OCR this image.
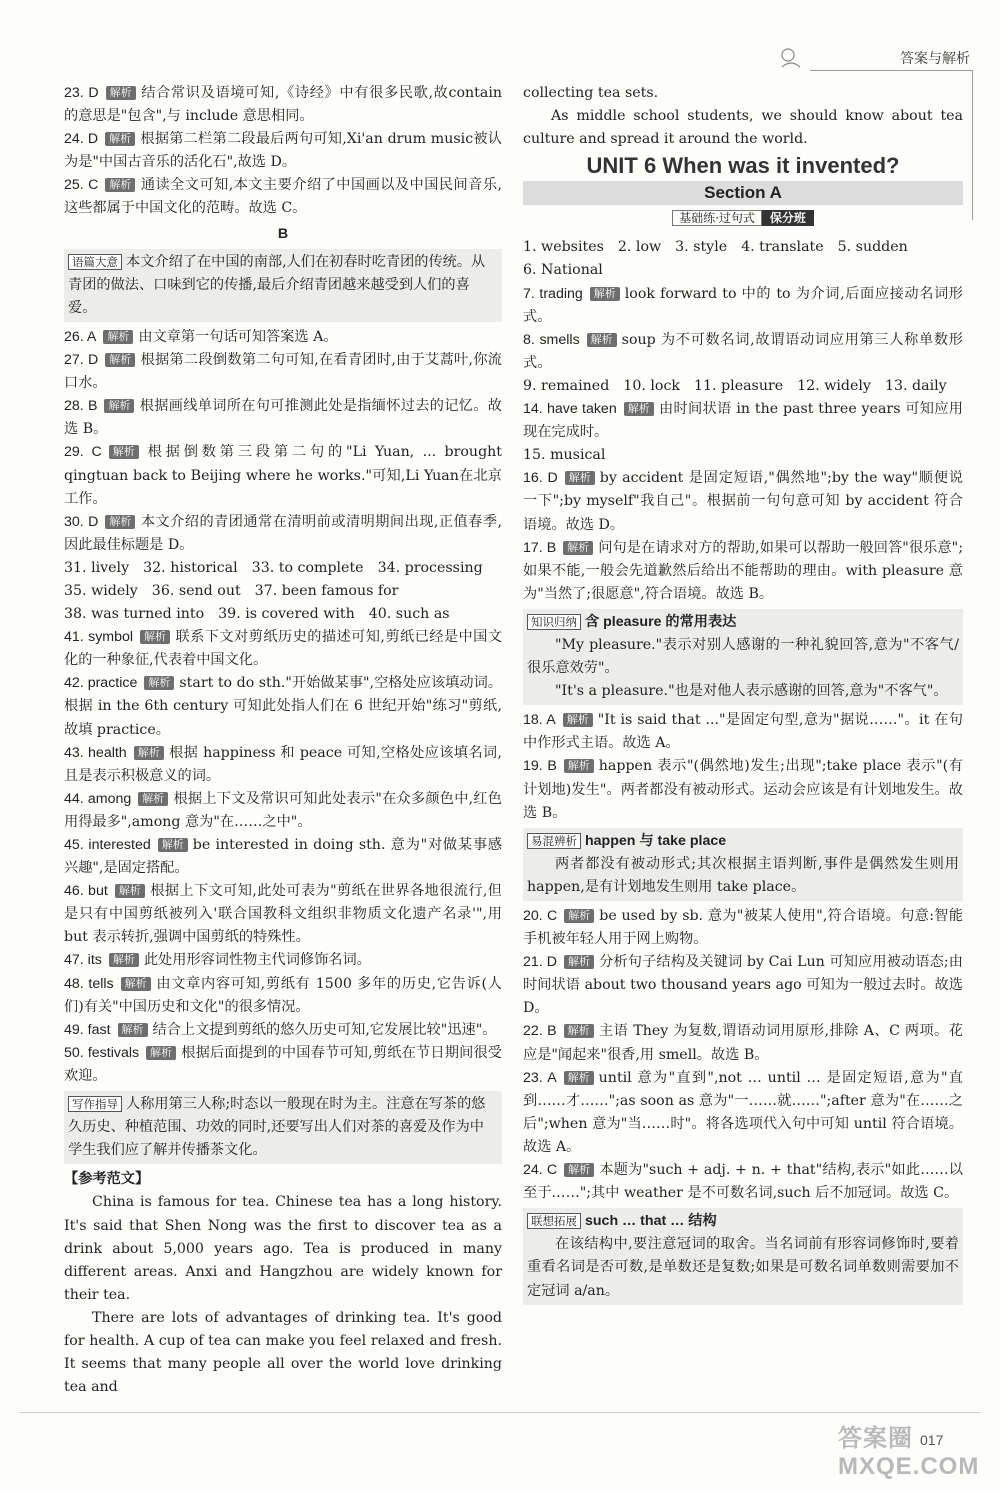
答案与解析

23. D 解析 结合常识及语境可知,《诗经》中有很多民歌,故contain 的意思是"包含",与 include 意思相同。

24. D 解析 根据第二栏第二段最后两句可知,Xi'an drum music被认为是"中国古音乐的活化石",故选 D。

25. C 解析 通读全文可知,本文主要介绍了中国画以及中国民间音乐,这些都属于中国文化的范畴。故选 C。

B
语篇大意 本文介绍了在中国的南部,人们在初春时吃青团的传统。从青团的做法、口味到它的传播,最后介绍青团越来越受到人们的喜爱。

26. A 解析 由文章第一句话可知答案选 A。

27. D 解析 根据第二段倒数第二句可知,在看青团时,由于艾蒿叶,你流口水。

28. B 解析 根据画线单词所在句可推测此处是指缅怀过去的记忆。故选 B。

29. C 解析 根据倒数第三段第二句的"Li Yuan, ... brought qingtuan back to Beijing where he works."可知,Li Yuan在北京工作。

30. D 解析 本文介绍的青团通常在清明前或清明期间出现,正值春季,因此最佳标题是 D。

31. lively 32. historical 33. to complete 34. processing
35. widely 36. send out 37. been famous for
38. was turned into 39. is covered with 40. such as

41. symbol 解析 联系下文对剪纸历史的描述可知,剪纸已经是中国文化的一种象征,代表着中国文化。

42. practice 解析 start to do sth."开始做某事",空格处应该填动词。根据 in the 6th century 可知此处指人们在 6 世纪开始"练习"剪纸,故填 practice。

43. health 解析 根据 happiness 和 peace 可知,空格处应该填名词,且是表示积极意义的词。

44. among 解析 根据上下文及常识可知此处表示"在众多颜色中,红色用得最多",among 意为"在……之中"。

45. interested 解析 be interested in doing sth. 意为"对做某事感兴趣",是固定搭配。

46. but 解析 根据上下文可知,此处可表为"剪纸在世界各地很流行,但是只有中国剪纸被列入'联合国教科文组织非物质文化遗产名录'",用 but 表示转折,强调中国剪纸的特殊性。

47. its 解析 此处用形容词性物主代词修饰名词。

48. tells 解析 由文章内容可知,剪纸有 1500 多年的历史,它告诉(人们)有关"中国历史和文化"的很多情况。

49. fast 解析 结合上文提到剪纸的悠久历史可知,它发展比较"迅速"。

50. festivals 解析 根据后面提到的中国春节可知,剪纸在节日期间很受欢迎。

写作指导 人称用第三人称;时态以一般现在时为主。注意在写茶的悠久历史、种植范围、功效的同时,还要写出人们对茶的喜爱及作为中学生我们应了解并传播茶文化。
【参考范文】

China is famous for tea. Chinese tea has a long history. It's said that Shen Nong was the first to discover tea as a drink about 5,000 years ago. Tea is produced in many different areas. Anxi and Hangzhou are widely known for their tea.

There are lots of advantages of drinking tea. It's good for health. A cup of tea can make you feel relaxed and fresh. It seems that many people all over the world love drinking tea and

collecting tea sets.

As middle school students, we should know about tea culture and spread it around the world.

UNIT 6 When was it invented?
Section A
基础练·过句式 保分班
1. websites 2. low 3. style 4. translate 5. sudden
6. National

7. trading 解析 look forward to 中的 to 为介词,后面应接动名词形式。

8. smells 解析 soup 为不可数名词,故谓语动词应用第三人称单数形式。

9. remained 10. lock 11. pleasure 12. widely 13. daily

14. have taken 解析 由时间状语 in the past three years 可知应用现在完成时。

15. musical

16. D 解析 by accident 是固定短语,"偶然地";by the way"顺便说一下";by myself"我自己"。根据前一句句意可知 by accident 符合语境。故选 D。

17. B 解析 问句是在请求对方的帮助,如果可以帮助一般回答"很乐意";如果不能,一般会先道歉然后给出不能帮助的理由。with pleasure 意为"当然了;很愿意",符合语境。故选 B。

知识归纳 含 pleasure 的常用表达

"My pleasure."表示对别人感谢的一种礼貌回答,意为"不客气/很乐意效劳"。

"It's a pleasure."也是对他人表示感谢的回答,意为"不客气"。

18. A 解析 "It is said that ..."是固定句型,意为"据说……"。it 在句中作形式主语。故选 A。

19. B 解析 happen 表示"(偶然地)发生;出现";take place 表示"(有计划地)发生"。两者都没有被动形式。运动会应该是有计划地发生。故选 B。

易混辨析 happen 与 take place

两者都没有被动形式;其次根据主语判断,事件是偶然发生则用 happen,是有计划地发生则用 take place。

20. C 解析 be used by sb. 意为"被某人使用",符合语境。句意:智能手机被年轻人用于网上购物。

21. D 解析 分析句子结构及关键词 by Cai Lun 可知应用被动语态;由时间状语 about two thousand years ago 可知为一般过去时。故选 D。

22. B 解析 主语 They 为复数,谓语动词用原形,排除 A、C 两项。花应是"闻起来"很香,用 smell。故选 B。

23. A 解析 until 意为"直到",not … until … 是固定短语,意为"直到……才……";as soon as 意为"一……就……";after 意为"在……之后";when 意为"当……时"。将各选项代入句中可知 until 符合语境。故选 A。

24. C 解析 本题为"such + adj. + n. + that"结构,表示"如此……以至于……";其中 weather 是不可数名词,such 后不加冠词。故选 C。

联想拓展 such … that … 结构

在该结构中,要注意冠词的取舍。当名词前有形容词修饰时,要着重看名词是否可数,是单数还是复数;如果是可数名词单数则需要加不定冠词 a/an。

答案圈 MXQE.COM
017
